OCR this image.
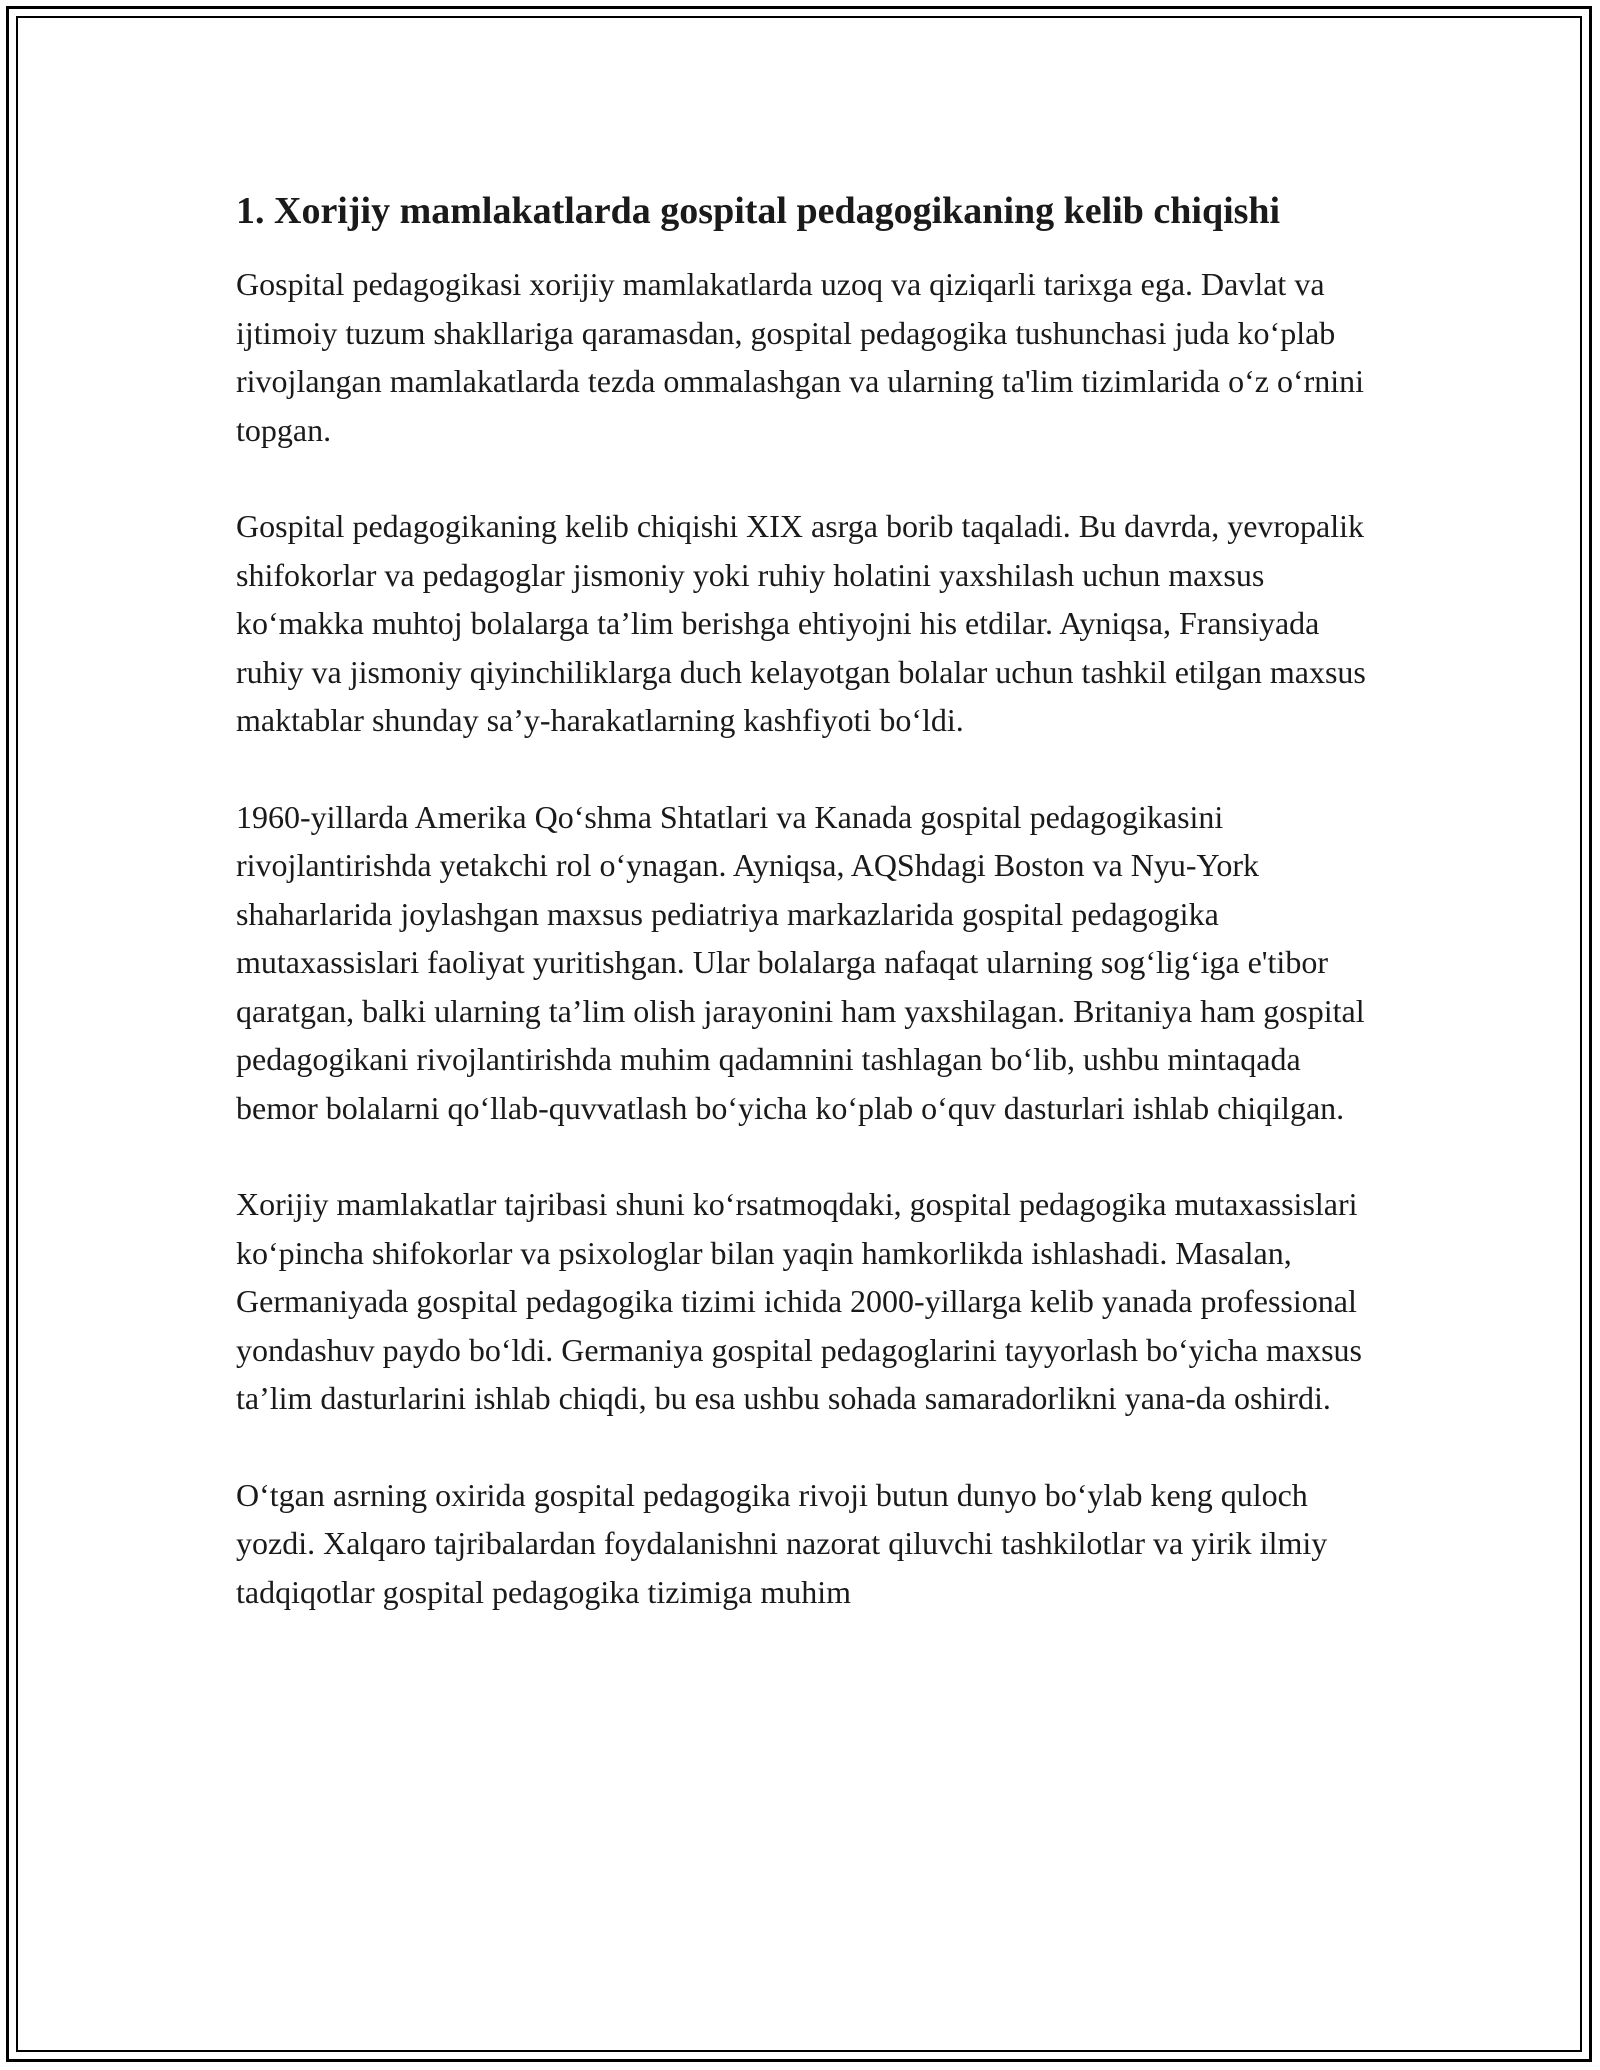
1. Xorijiy mamlakatlarda gospital pedagogikaning kelib chiqishi

Gospital pedagogikasi xorijiy mamlakatlarda uzoq va qiziqarli tarixga ega. Davlat va ijtimoiy tuzum shakllariga qaramasdan, gospital pedagogika tushunchasi juda ko‘plab rivojlangan mamlakatlarda tezda ommalashgan va ularning ta'lim tizimlarida o‘z o‘rnini topgan.

Gospital pedagogikaning kelib chiqishi XIX asrga borib taqaladi. Bu davrda, yevropalik shifokorlar va pedagoglar jismoniy yoki ruhiy holatini yaxshilash uchun maxsus ko‘makka muhtoj bolalarga ta’lim berishga ehtiyojni his etdilar. Ayniqsa, Fransiyada ruhiy va jismoniy qiyinchiliklarga duch kelayotgan bolalar uchun tashkil etilgan maxsus maktablar shunday sa’y-harakatlarning kashfiyoti bo‘ldi.

1960-yillarda Amerika Qo‘shma Shtatlari va Kanada gospital pedagogikasini rivojlantirishda yetakchi rol o‘ynagan. Ayniqsa, AQShdagi Boston va Nyu-York shaharlarida joylashgan maxsus pediatriya markazlarida gospital pedagogika mutaxassislari faoliyat yuritishgan. Ular bolalarga nafaqat ularning sog‘lig‘iga e'tibor qaratgan, balki ularning ta’lim olish jarayonini ham yaxshilagan. Britaniya ham gospital pedagogikani rivojlantirishda muhim qadamnini tashlagan bo‘lib, ushbu mintaqada bemor bolalarni qo‘llab-quvvatlash bo‘yicha ko‘plab o‘quv dasturlari ishlab chiqilgan.

Xorijiy mamlakatlar tajribasi shuni ko‘rsatmoqdaki, gospital pedagogika mutaxassislari ko‘pincha shifokorlar va psixologlar bilan yaqin hamkorlikda ishlashadi. Masalan, Germaniyada gospital pedagogika tizimi ichida 2000-yillarga kelib yanada professional yondashuv paydo bo‘ldi. Germaniya gospital pedagoglarini tayyorlash bo‘yicha maxsus ta’lim dasturlarini ishlab chiqdi, bu esa ushbu sohada samaradorlikni yana-da oshirdi.

O‘tgan asrning oxirida gospital pedagogika rivoji butun dunyo bo‘ylab keng quloch yozdi. Xalqaro tajribalardan foydalanishni nazorat qiluvchi tashkilotlar va yirik ilmiy tadqiqotlar gospital pedagogika tizimiga muhim
